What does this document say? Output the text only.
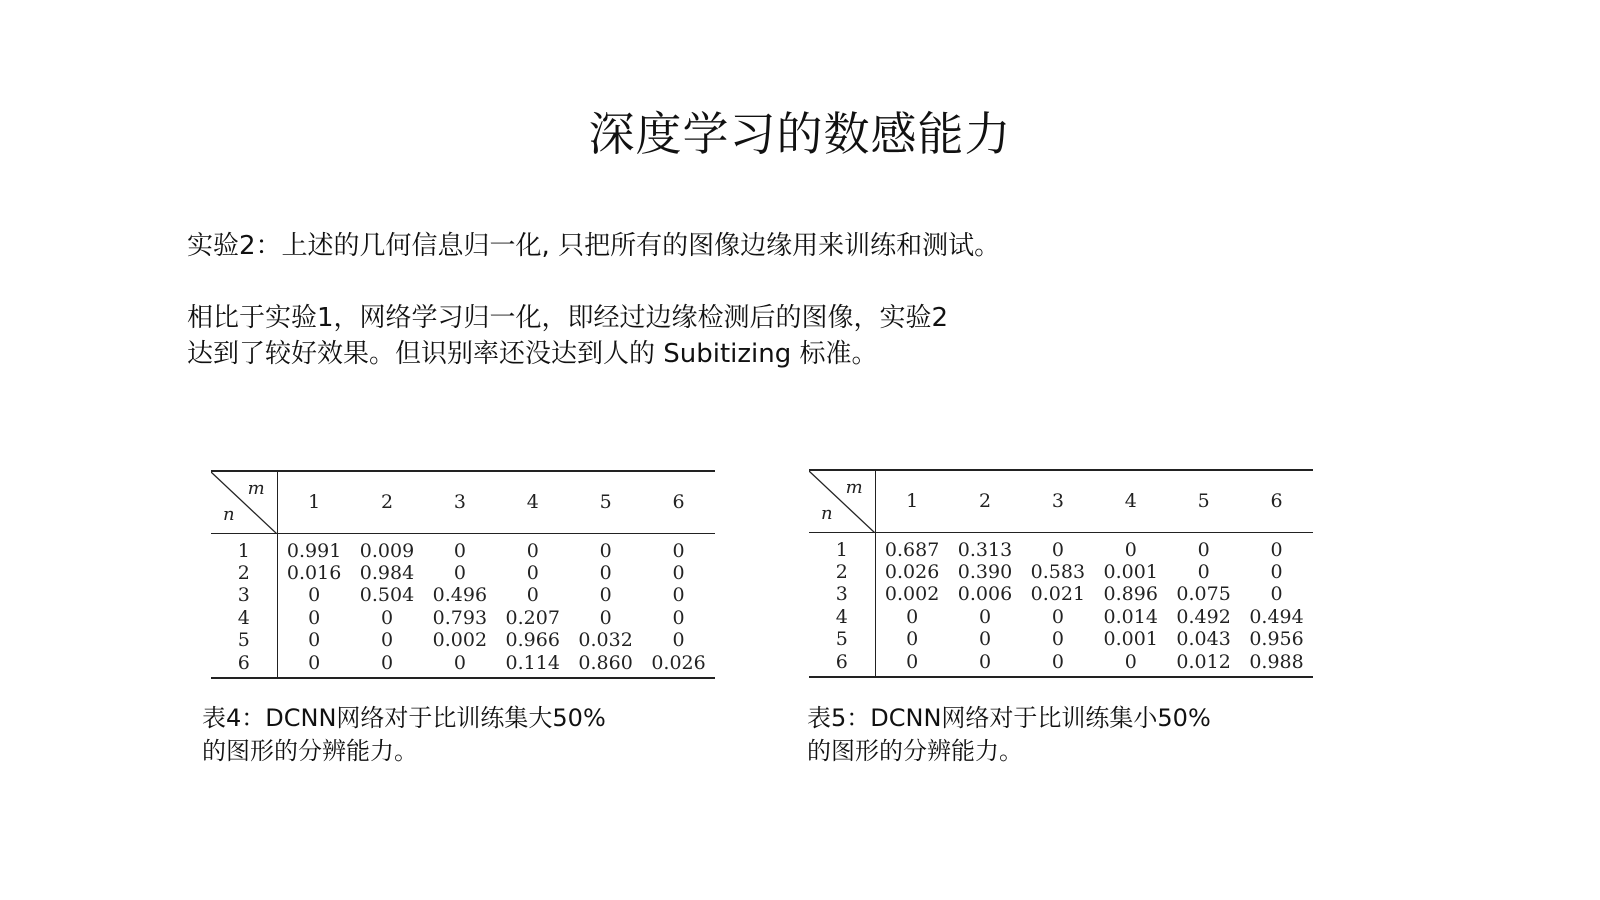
深度学习的数感能力
实验2：上述的几何信息归一化, 只把所有的图像边缘用来训练和测试。
相比于实验1，网络学习归一化，即经过边缘检测后的图像，实验2
达到了较好效果。但识别率还没达到人的 Subitizing 标准。
m
n	1	2	3	4	5	6
1	0.991	0.009	0	0	0	0
2	0.016	0.984	0	0	0	0
3	0	0.504	0.496	0	0	0
4	0	0	0.793	0.207	0	0
5	0	0	0.002	0.966	0.032	0
6	0	0	0	0.114	0.860	0.026
m
n	1	2	3	4	5	6
1	0.687	0.313	0	0	0	0
2	0.026	0.390	0.583	0.001	0	0
3	0.002	0.006	0.021	0.896	0.075	0
4	0	0	0	0.014	0.492	0.494
5	0	0	0	0.001	0.043	0.956
6	0	0	0	0	0.012	0.988
表4：DCNN网络对于比训练集大50%
的图形的分辨能力。
表5：DCNN网络对于比训练集小50%
的图形的分辨能力。
